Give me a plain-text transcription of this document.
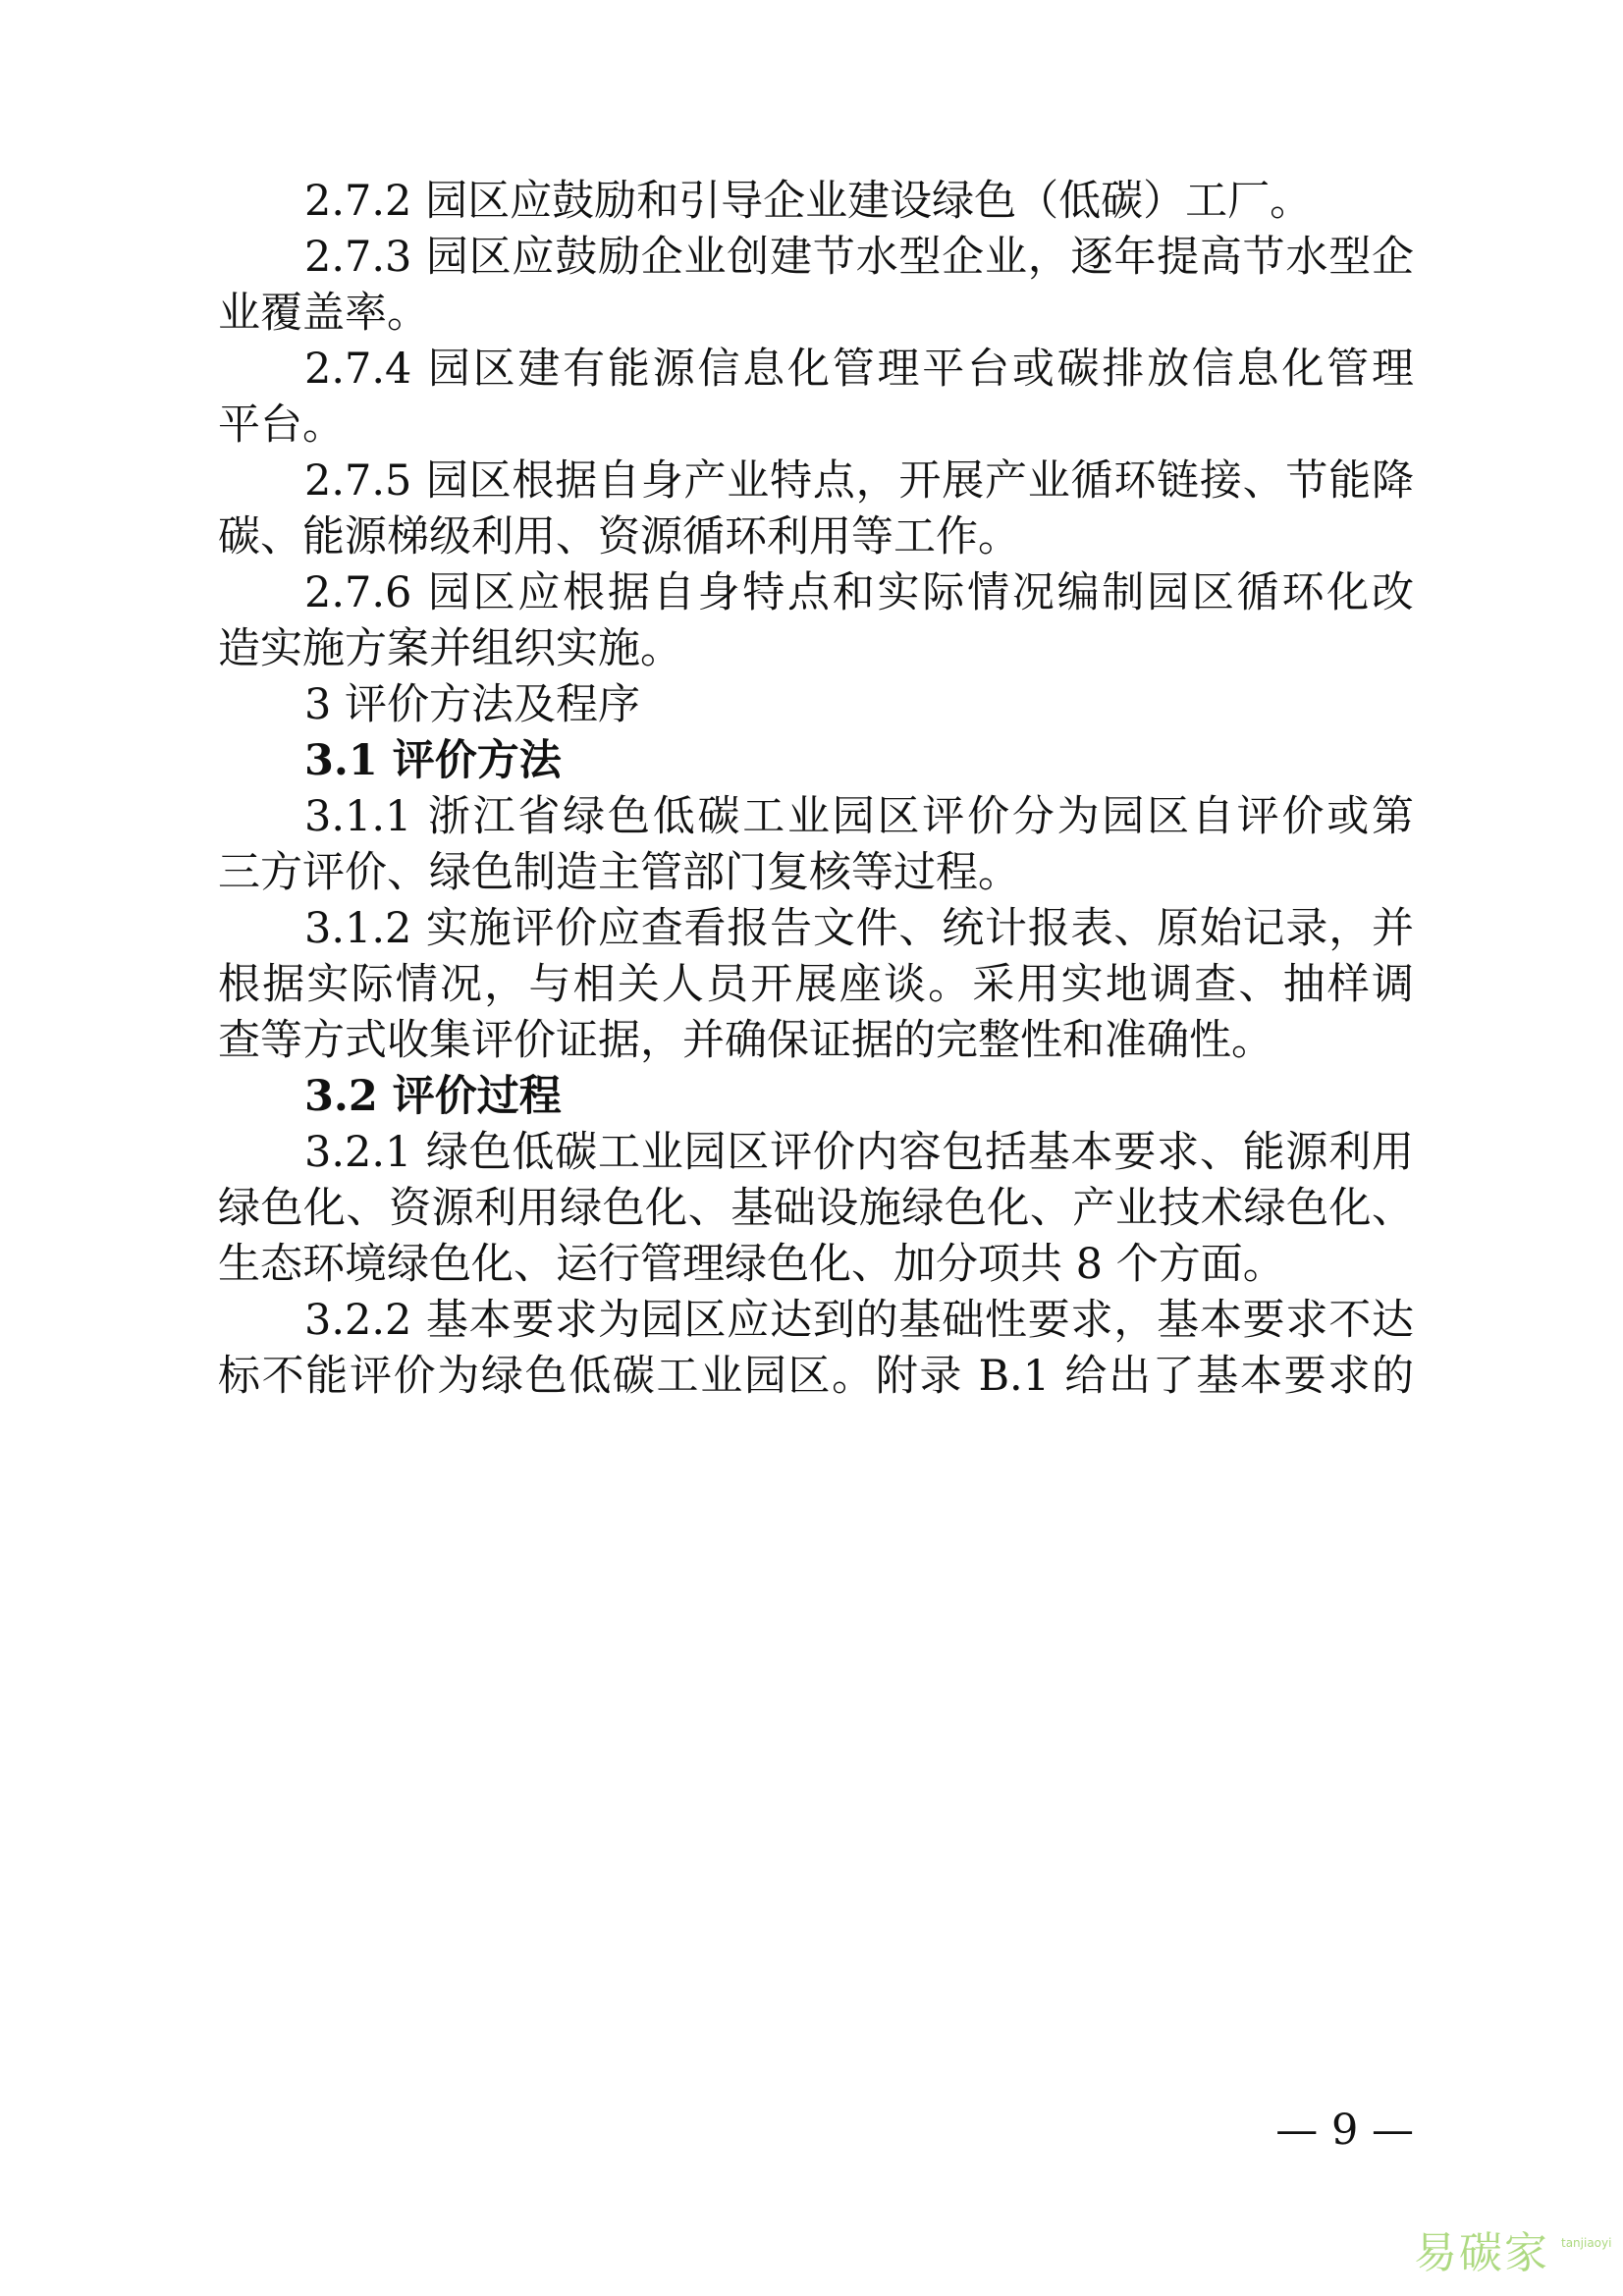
2.7.2 园区应鼓励和引导企业建设绿色（低碳）工厂。
2.7.3 园区应鼓励企业创建节水型企业，逐年提高节水型企
业覆盖率。
2.7.4 园区建有能源信息化管理平台或碳排放信息化管理
平台。
2.7.5 园区根据自身产业特点，开展产业循环链接、节能降
碳、能源梯级利用、资源循环利用等工作。
2.7.6 园区应根据自身特点和实际情况编制园区循环化改
造实施方案并组织实施。
3 评价方法及程序
3.1 评价方法
3.1.1 浙江省绿色低碳工业园区评价分为园区自评价或第
三方评价、绿色制造主管部门复核等过程。
3.1.2 实施评价应查看报告文件、统计报表、原始记录，并
根据实际情况，与相关人员开展座谈。采用实地调查、抽样调
查等方式收集评价证据，并确保证据的完整性和准确性。
3.2 评价过程
3.2.1 绿色低碳工业园区评价内容包括基本要求、能源利用
绿色化、资源利用绿色化、基础设施绿色化、产业技术绿色化、
生态环境绿色化、运行管理绿色化、加分项共 8 个方面。
3.2.2 基本要求为园区应达到的基础性要求，基本要求不达
标不能评价为绿色低碳工业园区。附录 B.1 给出了基本要求的
— 9 —
易碳家 tanjiaoyi
